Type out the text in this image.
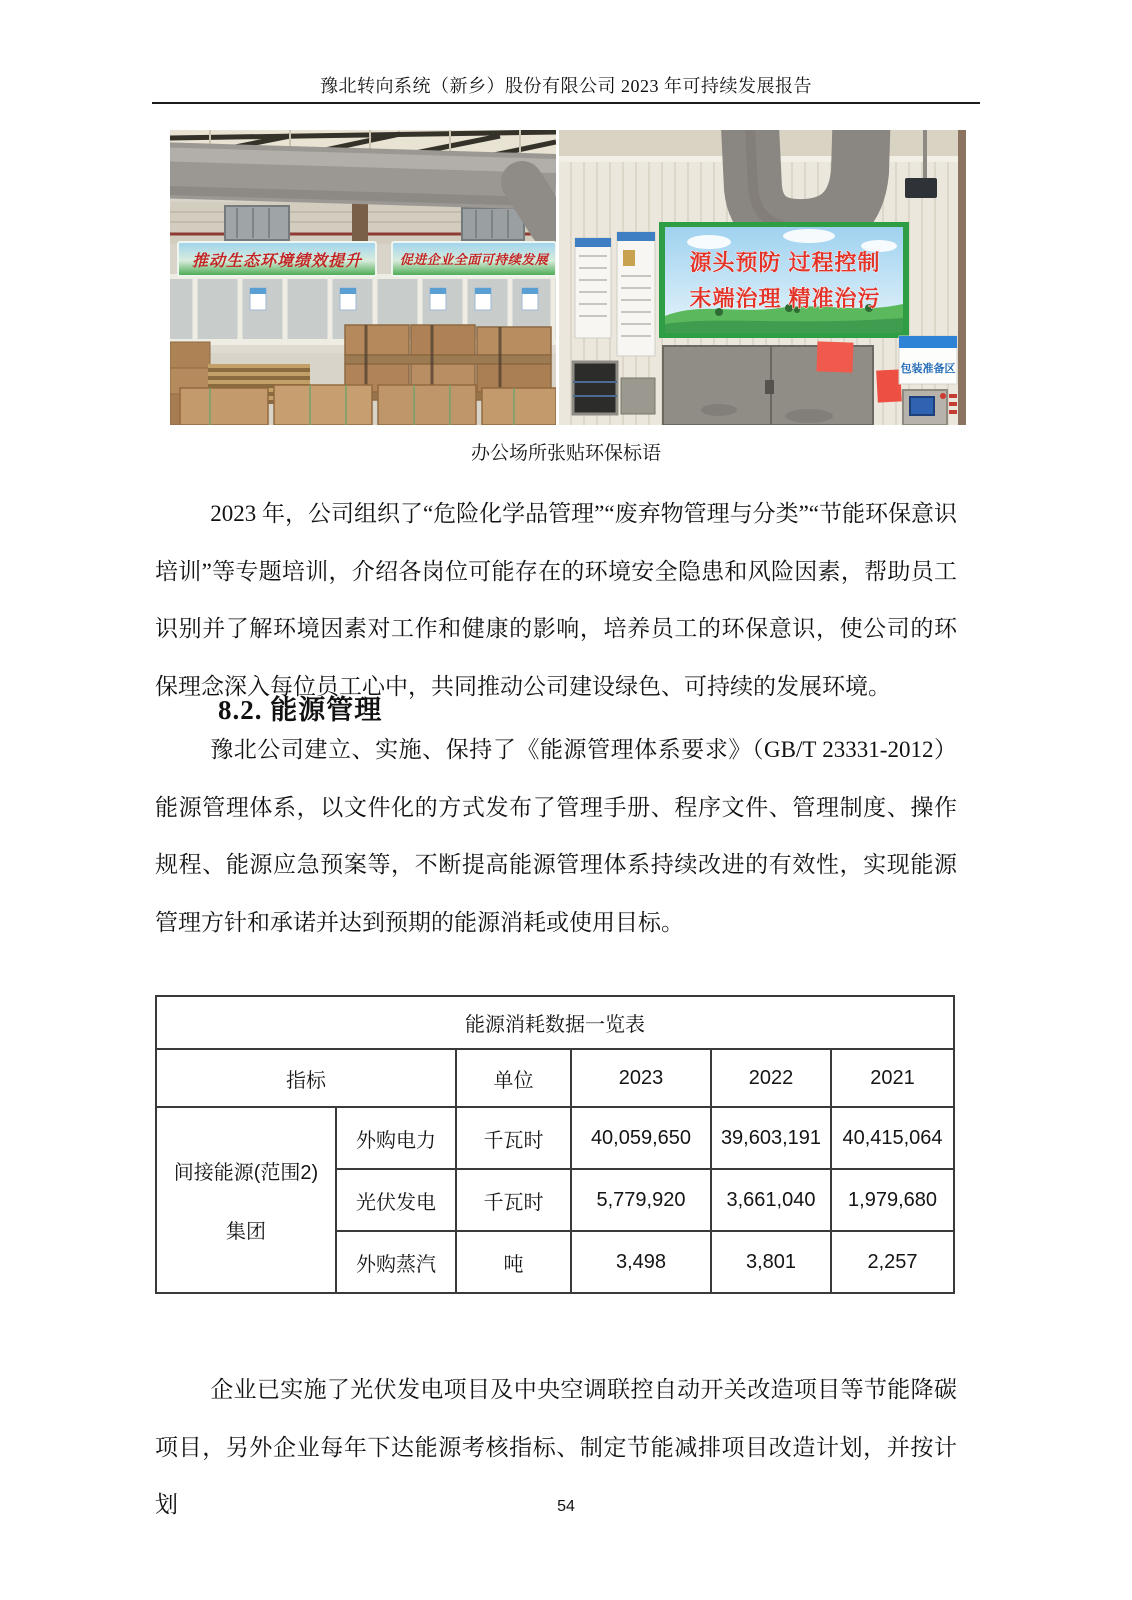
豫北转向系统（新乡）股份有限公司 2023 年可持续发展报告
推动生态环境绩效提升	促进企业全面可持续发展	源头预防 过程控制
末端治理 精准治污
包装准备区
办公场所张贴环保标语

2023 年，公司组织了“危险化学品管理”“废弃物管理与分类”“节能环保意识培训”等专题培训，介绍各岗位可能存在的环境安全隐患和风险因素，帮助员工识别并了解环境因素对工作和健康的影响，培养员工的环保意识，使公司的环保理念深入每位员工心中，共同推动公司建设绿色、可持续的发展环境。

8.2. 能源管理

豫北公司建立、实施、保持了《能源管理体系要求》（GB/T 23331-2012）能源管理体系，以文件化的方式发布了管理手册、程序文件、管理制度、操作规程、能源应急预案等，不断提高能源管理体系持续改进的有效性，实现能源管理方针和承诺并达到预期的能源消耗或使用目标。

能源消耗数据一览表					
指标		单位	2023	2022	2021

间接能源(范围2)
集团	外购电力	千瓦时	40,059,650	39,603,191	40,415,064
	光伏发电	千瓦时	5,779,920	3,661,040	1,979,680
	外购蒸汽	吨	3,498	3,801	2,257

企业已实施了光伏发电项目及中央空调联控自动开关改造项目等节能降碳项目，另外企业每年下达能源考核指标、制定节能减排项目改造计划，并按计划	54
